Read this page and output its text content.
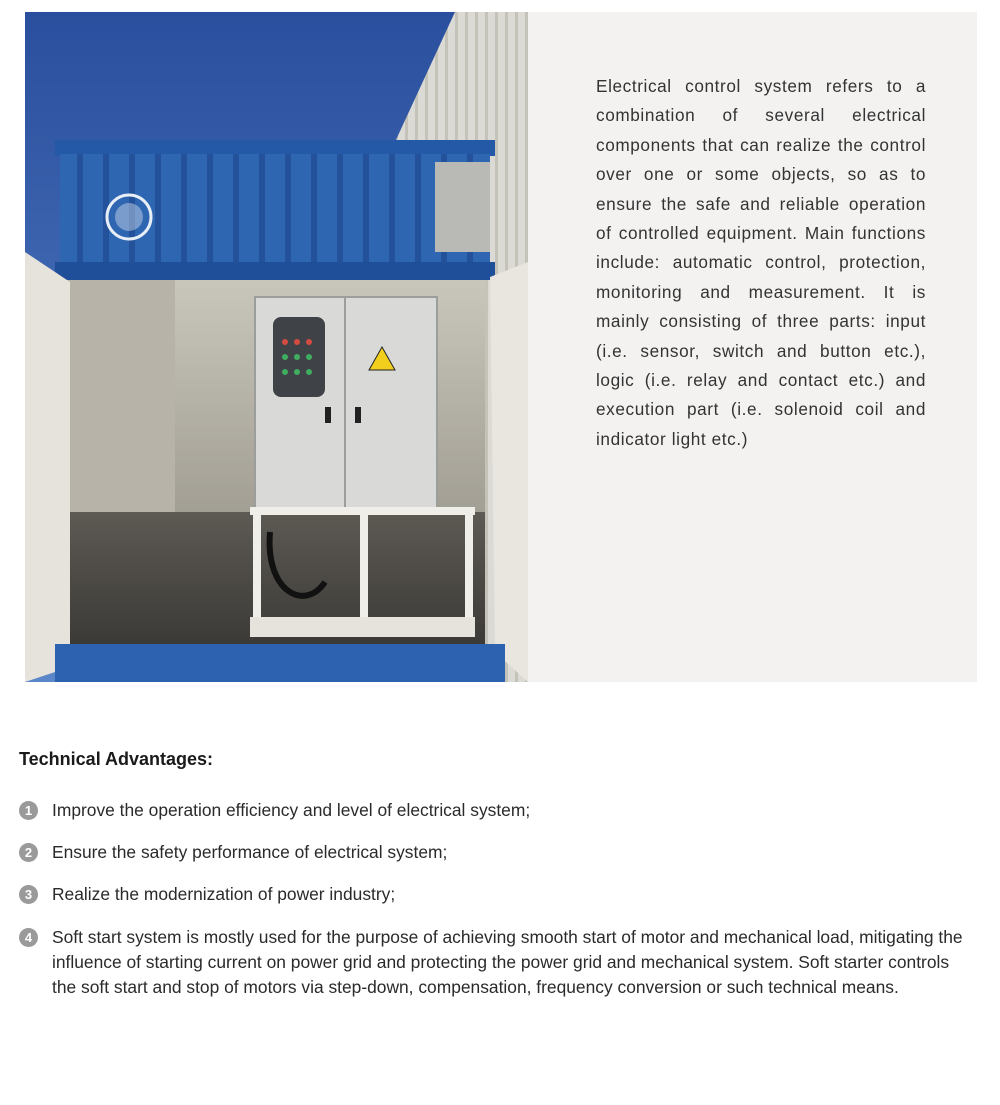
Electrical control system refers to a combination of several electrical components that can realize the control over one or some objects, so as to ensure the safe and reliable operation of controlled equipment. Main functions include: automatic control, protection, monitoring and measurement. It is mainly consisting of three parts: input (i.e. sensor, switch and button etc.), logic (i.e. relay and contact etc.) and execution part (i.e. solenoid coil and indicator light etc.)

Technical Advantages:
1	Improve the operation efficiency and level of electrical system;
2	Ensure the safety performance of electrical system;
3	Realize the modernization of power industry;
4	Soft start system is mostly used for the purpose of achieving smooth start of motor and mechanical load, mitigating the influence of starting current on power grid and protecting the power grid and mechanical system. Soft starter controls the soft start and stop of motors via step-down, compensation, frequency conversion or such technical means.
